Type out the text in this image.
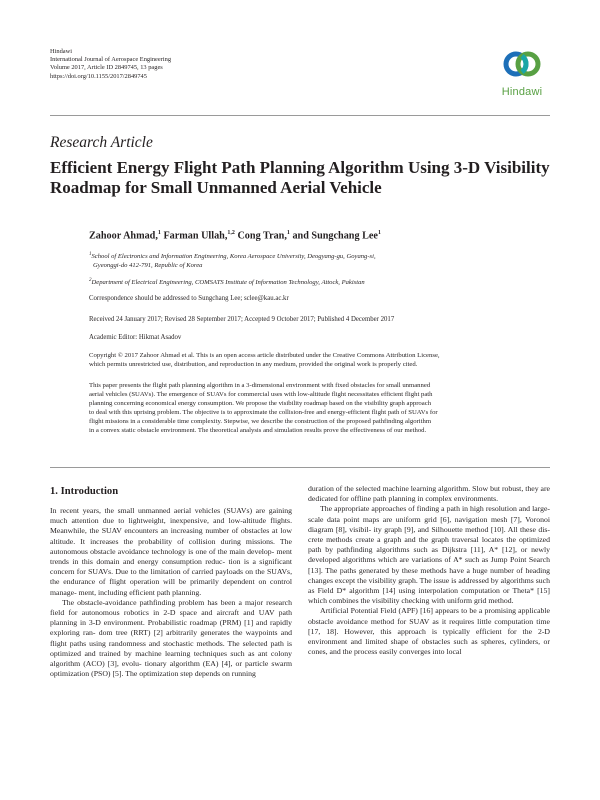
Hindawi
International Journal of Aerospace Engineering
Volume 2017, Article ID 2849745, 13 pages
https://doi.org/10.1155/2017/2849745
Hindawi
Research Article
Efficient Energy Flight Path Planning Algorithm Using 3-D Visibility Roadmap for Small Unmanned Aerial Vehicle
Zahoor Ahmad,$^1$ Farman Ullah,$^{1,2}$ Cong Tran,$^1$ and Sungchang Lee$^1$
$^1$School of Electronics and Information Engineering, Korea Aerospace University, Deogyang-gu, Goyang-si,
Gyeonggi-do 412-791, Republic of Korea
$^2$Department of Electrical Engineering, COMSATS Institute of Information Technology, Attock, Pakistan
Correspondence should be addressed to Sungchang Lee; sclee@kau.ac.kr
Received 24 January 2017; Revised 28 September 2017; Accepted 9 October 2017; Published 4 December 2017
Academic Editor: Hikmat Asadov
Copyright © 2017 Zahoor Ahmad et al. This is an open access article distributed under the Creative Commons Attribution License,
which permits unrestricted use, distribution, and reproduction in any medium, provided the original work is properly cited.
This paper presents the flight path planning algorithm in a 3-dimensional environment with fixed obstacles for small unmanned
aerial vehicles (SUAVs). The emergence of SUAVs for commercial uses with low-altitude flight necessitates efficient flight path
planning concerning economical energy consumption. We propose the visibility roadmap based on the visibility graph approach
to deal with this uprising problem. The objective is to approximate the collision-free and energy-efficient flight path of SUAVs for
flight missions in a considerable time complexity. Stepwise, we describe the construction of the proposed pathfinding algorithm
in a convex static obstacle environment. The theoretical analysis and simulation results prove the effectiveness of our method.
1. Introduction

In recent years, the small unmanned aerial vehicles (SUAVs) are gaining much attention due to lightweight, inexpensive, and low-altitude flights. Meanwhile, the SUAV encounters an increasing number of obstacles at low altitude. It increases the probability of collision during missions. The autonomous obstacle avoidance technology is one of the main develop- ment trends in this domain and energy consumption reduc- tion is a significant concern for SUAVs. Due to the limitation of carried payloads on the SUAVs, the endurance of flight operation will be primarily dependent on control manage- ment, including efficient path planning.

The obstacle-avoidance pathfinding problem has been a major research field for autonomous robotics in 2-D space and aircraft and UAV path planning in 3-D environment. Probabilistic roadmap (PRM) [1] and rapidly exploring ran- dom tree (RRT) [2] arbitrarily generates the waypoints and flight paths using randomness and stochastic methods. The selected path is optimized and trained by machine learning techniques such as ant colony algorithm (ACO) [3], evolu- tionary algorithm (EA) [4], or particle swarm optimization (PSO) [5]. The optimization step depends on running

duration of the selected machine learning algorithm. Slow but robust, they are dedicated for offline path planning in complex environments.

The appropriate approaches of finding a path in high resolution and large-scale data point maps are uniform grid [6], navigation mesh [7], Voronoi diagram [8], visibil- ity graph [9], and Silhouette method [10]. All these dis- crete methods create a graph and the graph traversal locates the optimized path by pathfinding algorithms such as Dijkstra [11], A* [12], or newly developed algorithms which are variations of A* such as Jump Point Search [13]. The paths generated by these methods have a huge number of heading changes except the visibility graph. The issue is addressed by algorithms such as Field D* algorithm [14] using interpolation computation or Theta* [15] which combines the visibility checking with uniform grid method.

Artificial Potential Field (APF) [16] appears to be a promising applicable obstacle avoidance method for SUAV as it requires little computation time [17, 18]. However, this approach is typically efficient for the 2-D environment and limited shape of obstacles such as spheres, cylinders, or cones, and the process easily converges into local
